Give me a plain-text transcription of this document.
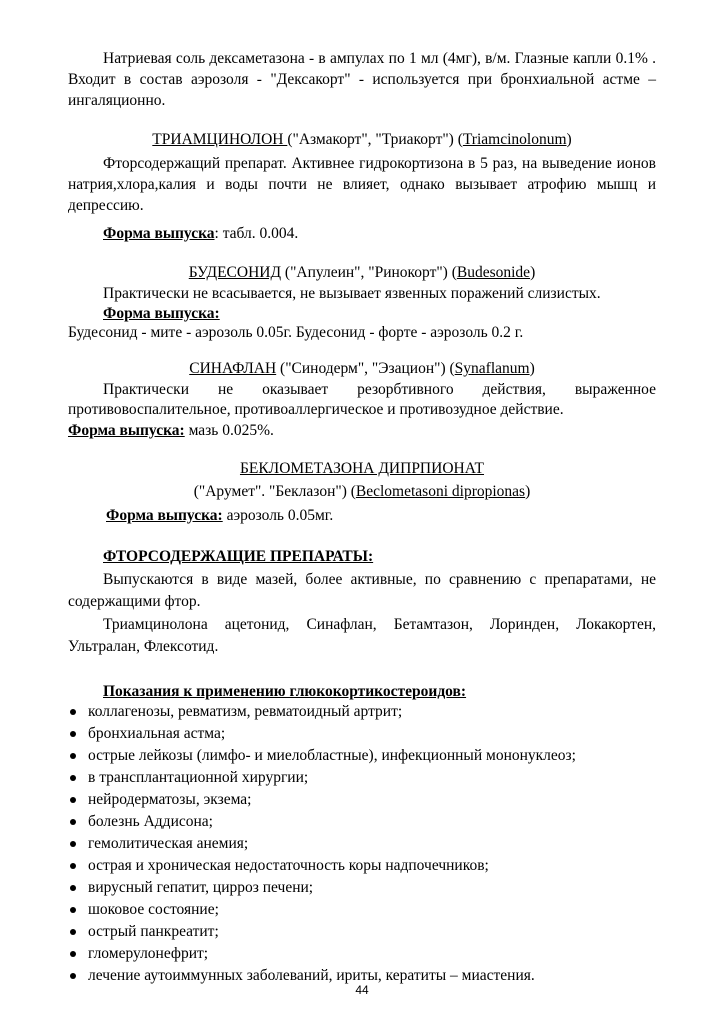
Натриевая соль дексаметазона - в ампулах по 1 мл (4мг), в/м. Глазные капли 0.1% . Входит в состав аэрозоля - "Дексакорт" - используется при бронхиальной астме – ингаляционно.

ТРИАМЦИНОЛОН ("Азмакорт", "Триакорт") (Triamcinolonum)

Фторсодержащий препарат. Активнее гидрокортизона в 5 раз, на выведение ионов натрия,хлора,калия и воды почти не влияет, однако вызывает атрофию мышц и депрессию.

Форма выпуска: табл. 0.004.
БУДЕСОНИД ("Апулеин", "Ринокорт") (Budesonide)

Практически не всасывается, не вызывает язвенных поражений слизистых.

Форма выпуска:

Будесонид - мите - аэрозоль 0.05г. Будесонид - форте - аэрозоль 0.2 г.

СИНАФЛАН ("Синодерм", "Эзацион") (Synaflanum)

Практически не оказывает резорбтивного действия, выраженное противовоспалительное, противоаллергическое и противозудное действие.

Форма выпуска: мазь 0.025%.
БЕКЛОМЕТАЗОНА ДИПРПИОНАТ
("Арумет". "Беклазон") (Beclometasoni dipropionas)
Форма выпуска: аэрозоль 0.05мг.
ФТОРСОДЕРЖАЩИЕ ПРЕПАРАТЫ:

Выпускаются в виде мазей, более активные, по сравнению с препаратами, не содержащими фтор.

Триамцинолона ацетонид, Синафлан, Бетамтазон, Лоринден, Локакортен, Ультралан, Флексотид.

Показания к применению глюкокортикостероидов:
коллагенозы, ревматизм, ревматоидный артрит;
бронхиальная астма;
острые лейкозы (лимфо- и миелобластные), инфекционный мононуклеоз;
в трансплантационной хирургии;
нейродерматозы, экзема;
болезнь Аддисона;
гемолитическая анемия;
острая и хроническая недостаточность коры надпочечников;
вирусный гепатит, цирроз печени;
шоковое состояние;
острый панкреатит;
гломерулонефрит;
лечение аутоиммунных заболеваний, ириты, кератиты – миастения.
44
